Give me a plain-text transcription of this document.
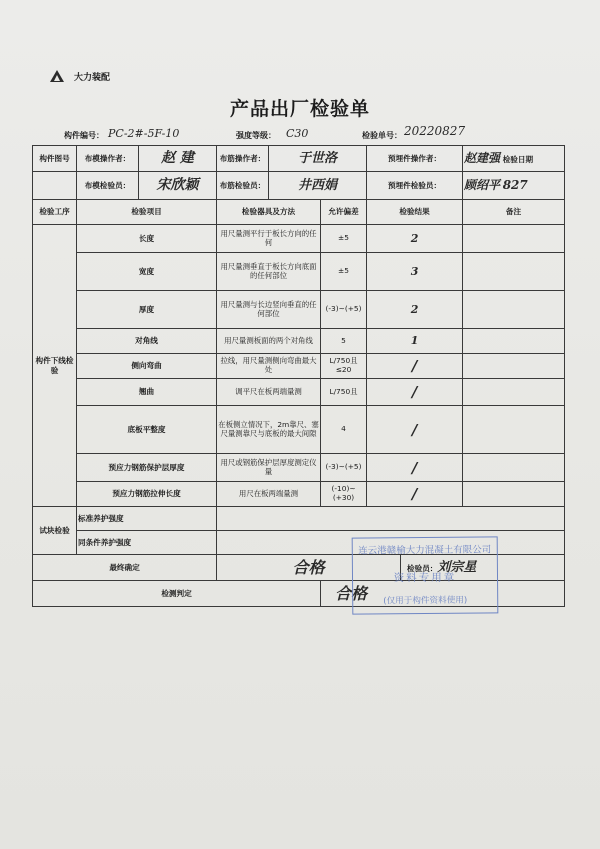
大力装配
产品出厂检验单
构件编号： PC-2#-5F-10	强度等级： C30	检验单号： 20220827
构件图号	布模操作者：	赵 建	布筋操作者：	于世洛		预埋件操作者：		赵建强 检验日期
	布模检验员：	宋欣颖	布筋检验员：	井西娟		预埋件检验员：		顾绍平 827
检验工序	检验项目		检验器具及方法		允许偏差	检验结果		备注
构件下线检验	长度		用尺量测平行于板长方向的任何		±5	2		
	宽度		用尺量测垂直于板长方向底面的任何部位		±5	3		
	厚度		用尺量测与长边竖向垂直的任何部位		(-3)~(+5)	2		
	对角线		用尺量测板面的两个对角线		5	1		
	侧向弯曲		拉线，用尺量测侧向弯曲最大处		L/750且 ≤20	/		
	翘曲		调平尺在板两端量测		L/750且	/		
	底板平整度		在板侧立情况下，2m靠尺、塞尺量测靠尺与底板的最大间隙		4	/		
	预应力钢筋保护层厚度		用尺或钢筋保护层厚度测定仪量		(-3)~(+5)	/		
	预应力钢筋拉伸长度		用尺在板两端量测		(-10)~(+30)	/		
试块检验	标准养护强度							
	同条件养护强度							
最终确定			合格				检验员：刘宗星	
检测判定					合格			
连云港赣榆大力混凝土有限公司
资料专用章
(仅用于构件资料使用)
